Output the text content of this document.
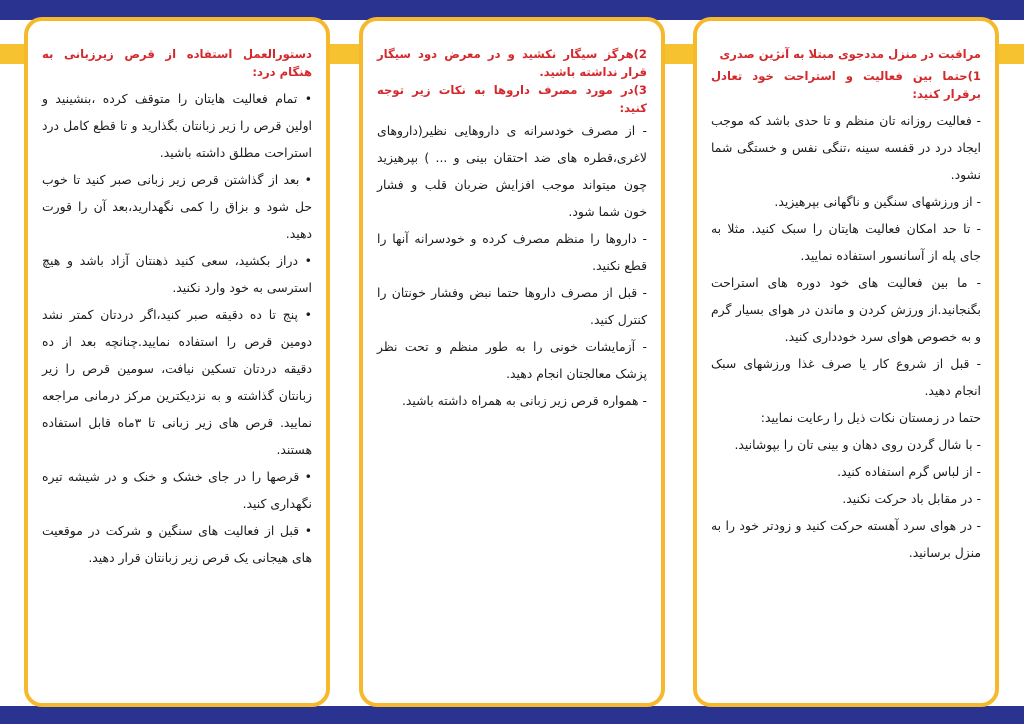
دستورالعمل استفاده از قرص زیرزبانی به هنگام درد:

• تمام فعالیت هایتان را متوقف کرده ،بنشینید و اولین قرص را زیر زبانتان بگذارید و تا قطع کامل درد استراحت مطلق داشته باشید.

• بعد از گذاشتن قرص زیر زبانی صبر کنید تا خوب حل شود و بزاق را کمی نگهدارید،بعد آن را قورت دهید.

• دراز بکشید، سعی کنید ذهنتان آزاد باشد و هیچ استرسی به خود وارد نکنید.

• پنج تا ده دقیقه صبر کنید،اگر دردتان کمتر نشد دومین قرص را استفاده نمایید.چنانچه بعد از ده دقیقه دردتان تسکین نیافت، سومین قرص را زیر زبانتان گذاشته و به نزدیکترین مرکز درمانی مراجعه نمایید. قرص های زیر زبانی تا ۳ماه قابل استفاده هستند.

• قرصها را در جای خشک و خنک و در شیشه تیره نگهداری کنید.

• قبل از فعالیت های سنگین و شرکت در موقعیت های هیجانی یک قرص زیر زبانتان قرار دهید.

2)هرگز سیگار نکشید و در معرض دود سیگار قرار نداشته باشید.

3)در مورد مصرف داروها به نکات زیر توجه کنید:

- از مصرف خودسرانه ی داروهایی نظیر(داروهای لاغری،قطره های ضد احتقان بینی و ... ) بپرهیزید چون میتواند موجب افزایش ضربان قلب و فشار خون شما شود.

- داروها را منظم مصرف کرده و خودسرانه آنها را قطع نکنید.

- قبل از مصرف داروها حتما نبض وفشار خونتان را کنترل کنید.

- آزمایشات خونی را به طور منظم و تحت نظر پزشک معالجتان انجام دهید.

- همواره قرص زیر زبانی به همراه داشته باشید.

مراقبت در منزل مددجوی مبتلا به آنژین صدری

1)حتما بین فعالیت و استراحت خود تعادل برقرار کنید:

- فعالیت روزانه تان منظم و تا حدی باشد که موجب ایجاد درد در قفسه سینه ،تنگی نفس و خستگی شما نشود.

- از ورزشهای سنگین و ناگهانی بپرهیزید.

- تا حد امکان فعالیت هایتان را سبک کنید. مثلا به جای پله از آسانسور استفاده نمایید.

- ما بین فعالیت های خود دوره های استراحت بگنجانید.از ورزش کردن و ماندن در هوای بسیار گرم و به خصوص هوای سرد خودداری کنید.

- قبل از شروع کار یا صرف غذا ورزشهای سبک انجام دهید.

حتما در زمستان نکات ذیل را رعایت نمایید:

- با شال گردن روی دهان و بینی تان را بپوشانید.

- از لباس گرم استفاده کنید.

- در مقابل باد حرکت نکنید.

- در هوای سرد آهسته حرکت کنید و زودتر خود را به منزل برسانید.
